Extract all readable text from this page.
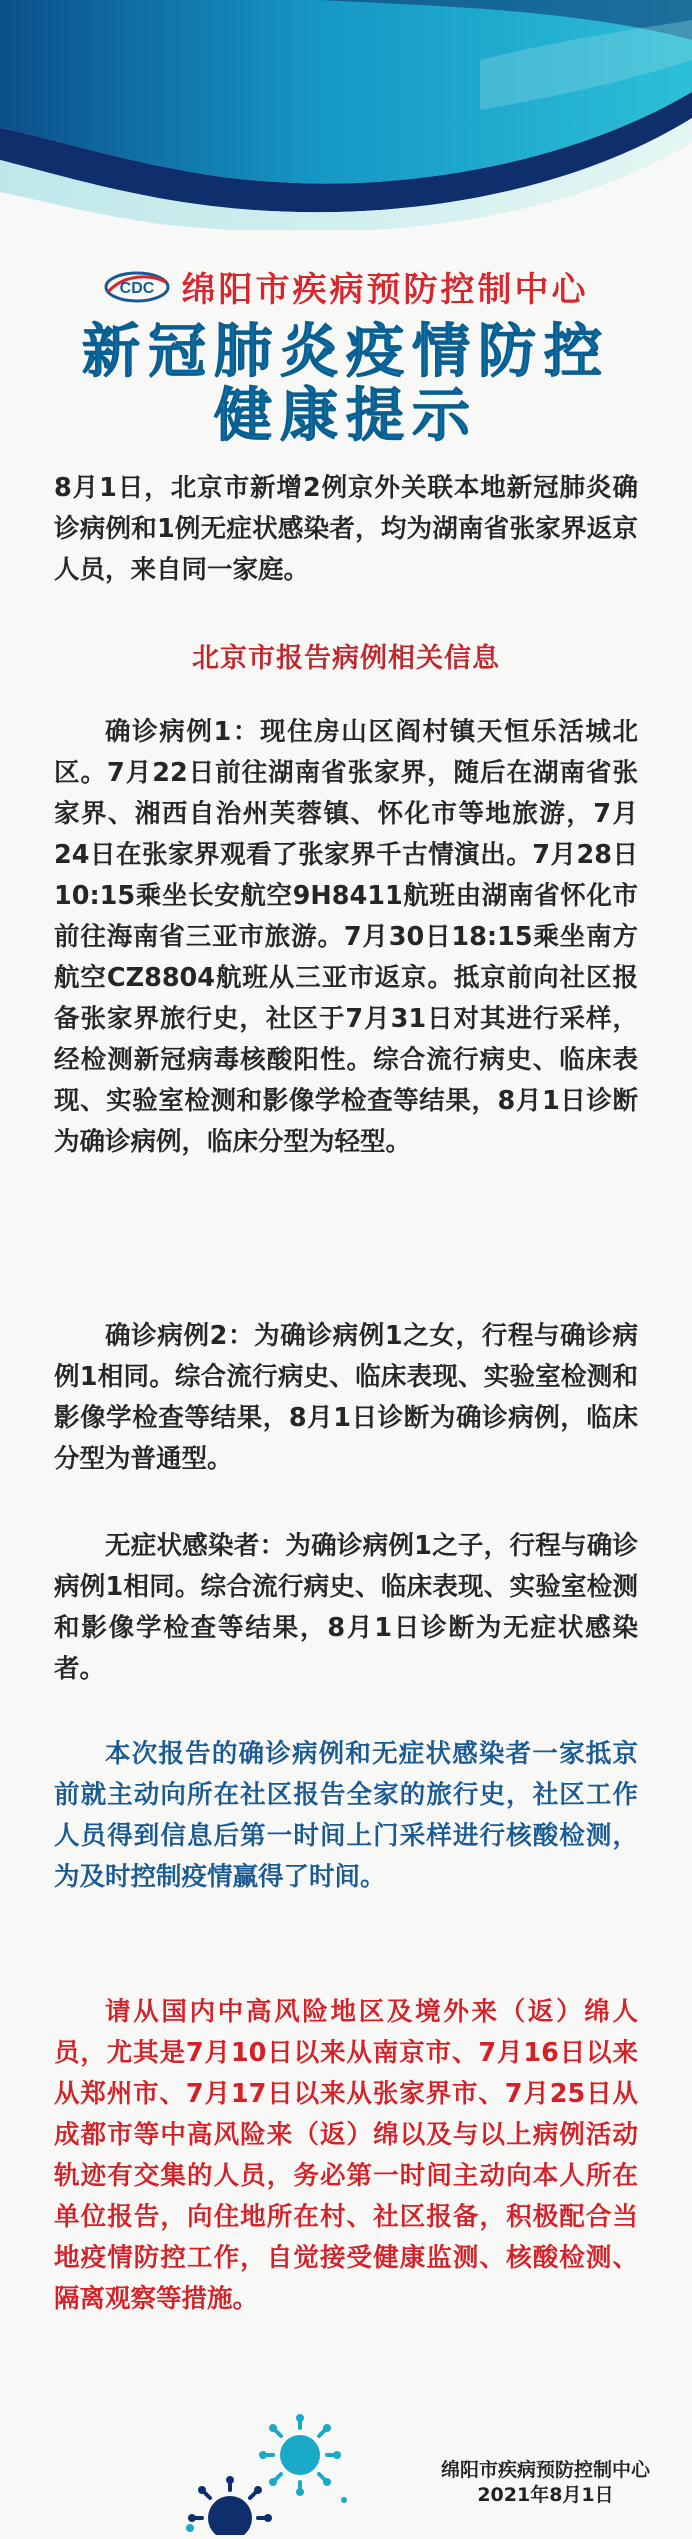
CDC 绵阳市疾病预防控制中心
新冠肺炎疫情防控
健康提示

8月1日，北京市新增2例京外关联本地新冠肺炎确诊病例和1例无症状感染者，均为湖南省张家界返京人员，来自同一家庭。

北京市报告病例相关信息

确诊病例1：现住房山区阎村镇天恒乐活城北区。7月22日前往湖南省张家界，随后在湖南省张家界、湘西自治州芙蓉镇、怀化市等地旅游，7月24日在张家界观看了张家界千古情演出。7月28日10:15乘坐长安航空9H8411航班由湖南省怀化市前往海南省三亚市旅游。7月30日18:15乘坐南方航空CZ8804航班从三亚市返京。抵京前向社区报备张家界旅行史，社区于7月31日对其进行采样，经检测新冠病毒核酸阳性。综合流行病史、临床表现、实验室检测和影像学检查等结果，8月1日诊断为确诊病例，临床分型为轻型。

确诊病例2：为确诊病例1之女，行程与确诊病例1相同。综合流行病史、临床表现、实验室检测和影像学检查等结果，8月1日诊断为确诊病例，临床分型为普通型。

无症状感染者：为确诊病例1之子，行程与确诊病例1相同。综合流行病史、临床表现、实验室检测和影像学检查等结果，8月1日诊断为无症状感染者。

本次报告的确诊病例和无症状感染者一家抵京前就主动向所在社区报告全家的旅行史，社区工作人员得到信息后第一时间上门采样进行核酸检测，为及时控制疫情赢得了时间。

请从国内中高风险地区及境外来（返）绵人员，尤其是7月10日以来从南京市、7月16日以来从郑州市、7月17日以来从张家界市、7月25日从成都市等中高风险来（返）绵以及与以上病例活动轨迹有交集的人员，务必第一时间主动向本人所在单位报告，向住地所在村、社区报备，积极配合当地疫情防控工作，自觉接受健康监测、核酸检测、隔离观察等措施。

绵阳市疾病预防控制中心
2021年8月1日
